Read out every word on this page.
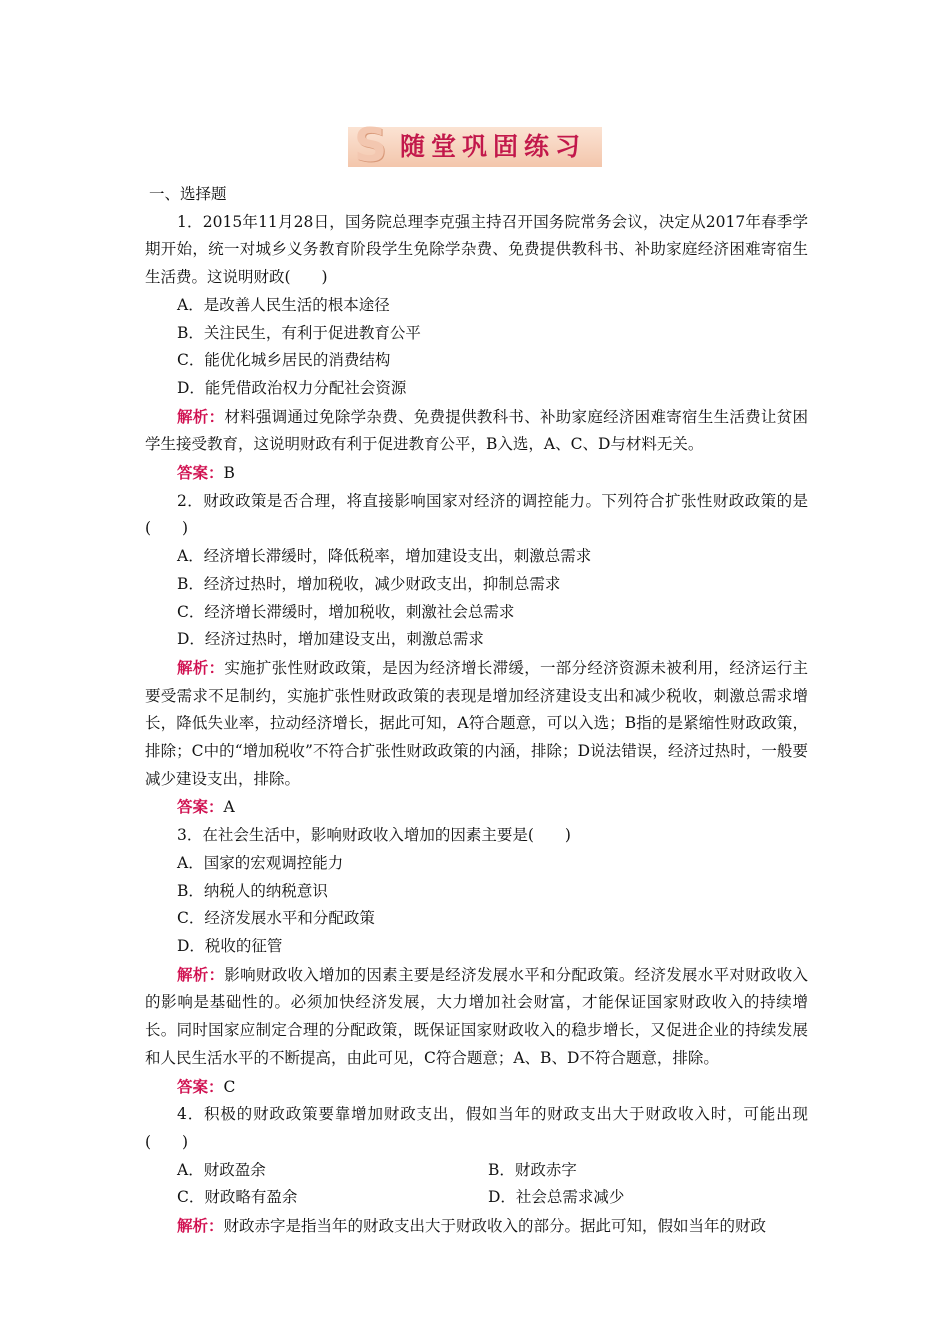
S 随堂巩固练习

一、选择题

1．2015年11月28日，国务院总理李克强主持召开国务院常务会议，决定从2017年春季学期开始，统一对城乡义务教育阶段学生免除学杂费、免费提供教科书、补助家庭经济困难寄宿生生活费。这说明财政(　　)

A．是改善人民生活的根本途径

B．关注民生，有利于促进教育公平

C．能优化城乡居民的消费结构

D．能凭借政治权力分配社会资源

解析：材料强调通过免除学杂费、免费提供教科书、补助家庭经济困难寄宿生生活费让贫困学生接受教育，这说明财政有利于促进教育公平，B入选，A、C、D与材料无关。

答案：B

2．财政政策是否合理，将直接影响国家对经济的调控能力。下列符合扩张性财政政策的是(　　)

A．经济增长滞缓时，降低税率，增加建设支出，刺激总需求

B．经济过热时，增加税收，减少财政支出，抑制总需求

C．经济增长滞缓时，增加税收，刺激社会总需求

D．经济过热时，增加建设支出，刺激总需求

解析：实施扩张性财政政策，是因为经济增长滞缓，一部分经济资源未被利用，经济运行主要受需求不足制约，实施扩张性财政政策的表现是增加经济建设支出和减少税收，刺激总需求增长，降低失业率，拉动经济增长，据此可知，A符合题意，可以入选；B指的是紧缩性财政政策，排除；C中的“增加税收”不符合扩张性财政政策的内涵，排除；D说法错误，经济过热时，一般要减少建设支出，排除。

答案：A

3．在社会生活中，影响财政收入增加的因素主要是(　　)

A．国家的宏观调控能力

B．纳税人的纳税意识

C．经济发展水平和分配政策

D．税收的征管

解析：影响财政收入增加的因素主要是经济发展水平和分配政策。经济发展水平对财政收入的影响是基础性的。必须加快经济发展，大力增加社会财富，才能保证国家财政收入的持续增长。同时国家应制定合理的分配政策，既保证国家财政收入的稳步增长，又促进企业的持续发展和人民生活水平的不断提高，由此可见，C符合题意；A、B、D不符合题意，排除。

答案：C

4．积极的财政政策要靠增加财政支出，假如当年的财政支出大于财政收入时，可能出现(　　)

A．财政盈余	B．财政赤字
C．财政略有盈余	D．社会总需求减少

解析：财政赤字是指当年的财政支出大于财政收入的部分。据此可知，假如当年的财政
